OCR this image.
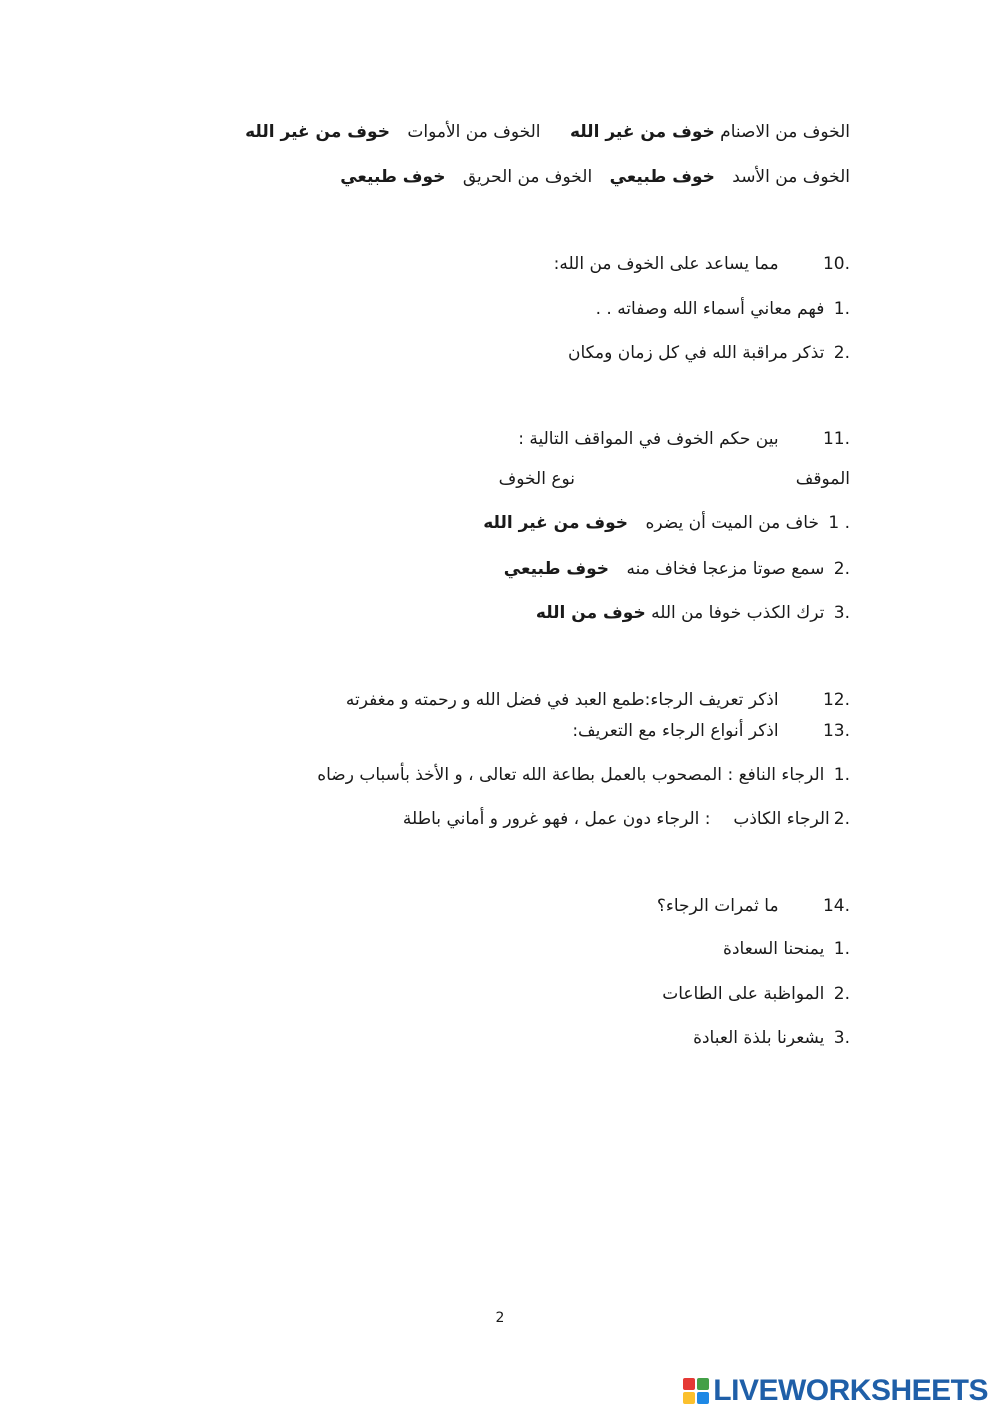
الخوف من الاصنام خوف من غير الله الخوف من الأموات خوف من غير الله
الخوف من الأسد خوف طبيعي الخوف من الحريق خوف طبيعي
10. مما يساعد على الخوف من الله:
1. فهم معاني أسماء الله وصفاته . .
2. تذكر مراقبة الله في كل زمان ومكان
11. بين حكم الخوف في المواقف التالية :
الموقف
نوع الخوف
1 . خاف من الميت أن يضره خوف من غير الله
2. سمع صوتا مزعجا فخاف منه خوف طبيعي
3. ترك الكذب خوفا من الله خوف من الله
12. اذكر تعريف الرجاء:طمع العبد في فضل الله و رحمته و مغفرته
13. اذكر أنواع الرجاء مع التعريف:
1. الرجاء النافع : المصحوب بالعمل بطاعة الله تعالى ، و الأخذ بأسباب رضاه
2.الرجاء الكاذب  : الرجاء دون عمل ، فهو غرور و أماني باطلة
14. ما ثمرات الرجاء؟
1. يمنحنا السعادة
2. المواظبة على الطاعات
3. يشعرنا بلذة العبادة
2
LIVEWORKSHEETS
